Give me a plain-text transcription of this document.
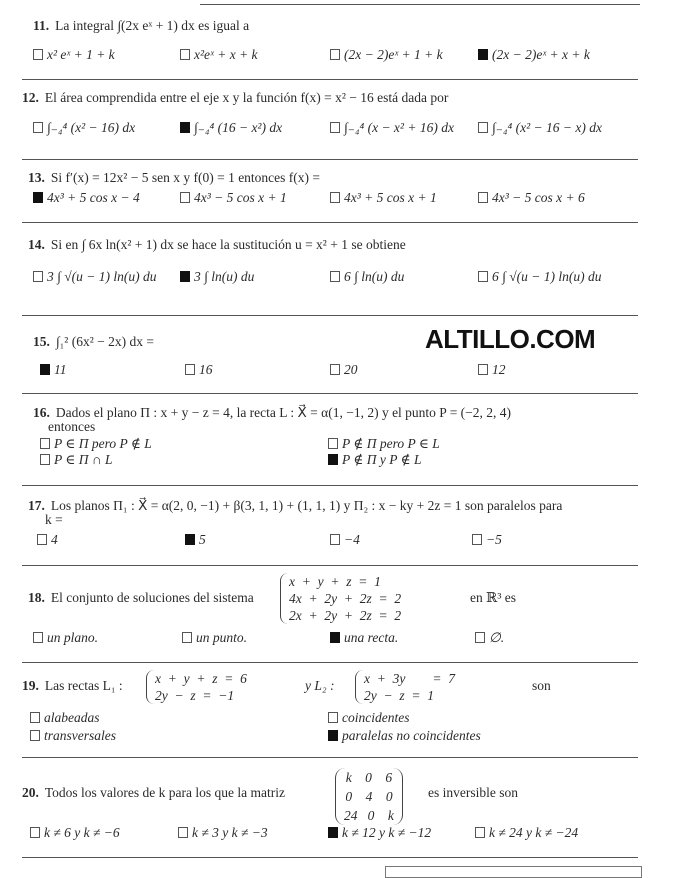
11. La integral ∫(2x eˣ + 1) dx es igual a
x² eˣ + 1 + k	x²eˣ + x + k	(2x − 2)eˣ + 1 + k	(2x − 2)eˣ + x + k
12. El área comprendida entre el eje x y la función f(x) = x² − 16 está dada por
∫₋₄⁴ (x² − 16) dx	∫₋₄⁴ (16 − x²) dx	∫₋₄⁴ (x − x² + 16) dx	∫₋₄⁴ (x² − 16 − x) dx
13. Si f′(x) = 12x² − 5 sen x y f(0) = 1 entonces f(x) =
4x³ + 5 cos x − 4	4x³ − 5 cos x + 1	4x³ + 5 cos x + 1	4x³ − 5 cos x + 6
14. Si en ∫ 6x ln(x² + 1) dx se hace la sustitución u = x² + 1 se obtiene
3 ∫ √(u − 1) ln(u) du	3 ∫ ln(u) du	6 ∫ ln(u) du	6 ∫ √(u − 1) ln(u) du
15. ∫₁² (6x² − 2x) dx =
11	16	20	12
16. Dados el plano Π : x + y − z = 4, la recta L : X⃗ = α(1, −1, 2) y el punto P = (−2, 2, 4)
entonces
P ∈ Π pero P ∉ L	P ∉ Π pero P ∈ L
P ∈ Π ∩ L	P ∉ Π y P ∉ L
17. Los planos Π₁ : X⃗ = α(2, 0, −1) + β(3, 1, 1) + (1, 1, 1) y Π₂ : x − ky + 2z = 1 son paralelos para
k =
4	5	−4	−5
18. El conjunto de soluciones del sistema
x  +  y  +  z  =  1
4x  +  2y  +  2z  =  2
2x  +  2y  +  2z  =  2
en ℝ³ es
un plano.	un punto.	una recta.	∅.
19. Las rectas L₁ : x  +  y  +  z  =  6
2y  −  z  =  −1
y L₂ : x  +  3y        =  7
2y  −  z  =  1
son
alabeadas	coincidentes
transversales	paralelas no coincidentes
20. Todos los valores de k para los que la matriz
k    0    6
0    4    0
24   0    k
es inversible son
k ≠ 6 y k ≠ −6	k ≠ 3 y k ≠ −3	k ≠ 12 y k ≠ −12	k ≠ 24 y k ≠ −24
ALTILLO.COM
